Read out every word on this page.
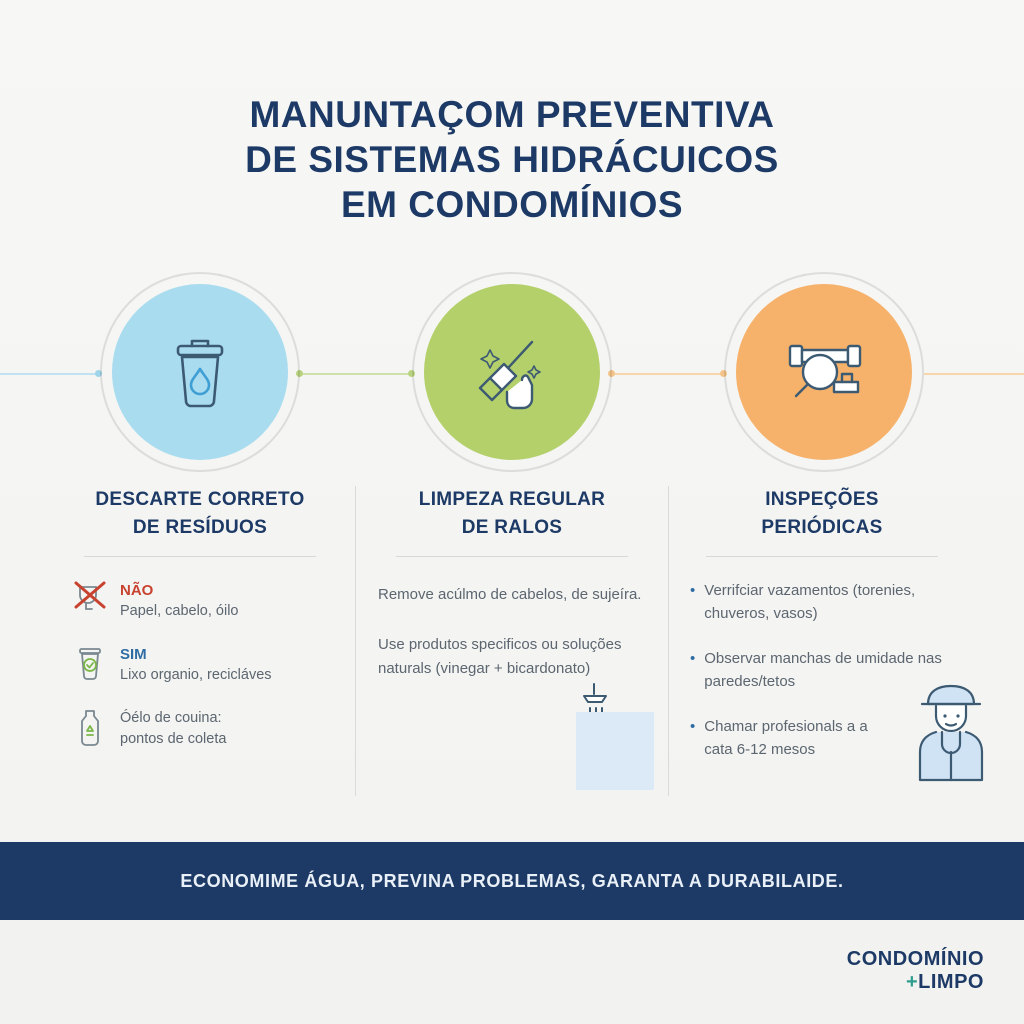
MANUNTAÇOM PREVENTIVA
DE SISTEMAS HIDRÁCUICOS
EM CONDOMÍNIOS
DESCARTE CORRETO
DE RESÍDUOS
NÃO
Papel, cabelo, óilo
SIM
Lixo organio, recicláves
Óélo de couina:
pontos de coleta
LIMPEZA REGULAR
DE RALOS
Remove acúlmo de cabelos, de sujeíra.
Use produtos specificos ou soluções naturals (vinegar + bicardonato)
INSPEÇÕES
PERIÓDICAS
• Verrifciar vazamentos (torenies, chuveros, vasos)
• Observar manchas de umidade nas paredes/tetos
• Chamar profesionals a a cata 6-12 mesos
ECONOMIME ÁGUA, PREVINA PROBLEMAS, GARANTA A DURABILAIDE.
CONDOMÍNIO
+LIMPO
